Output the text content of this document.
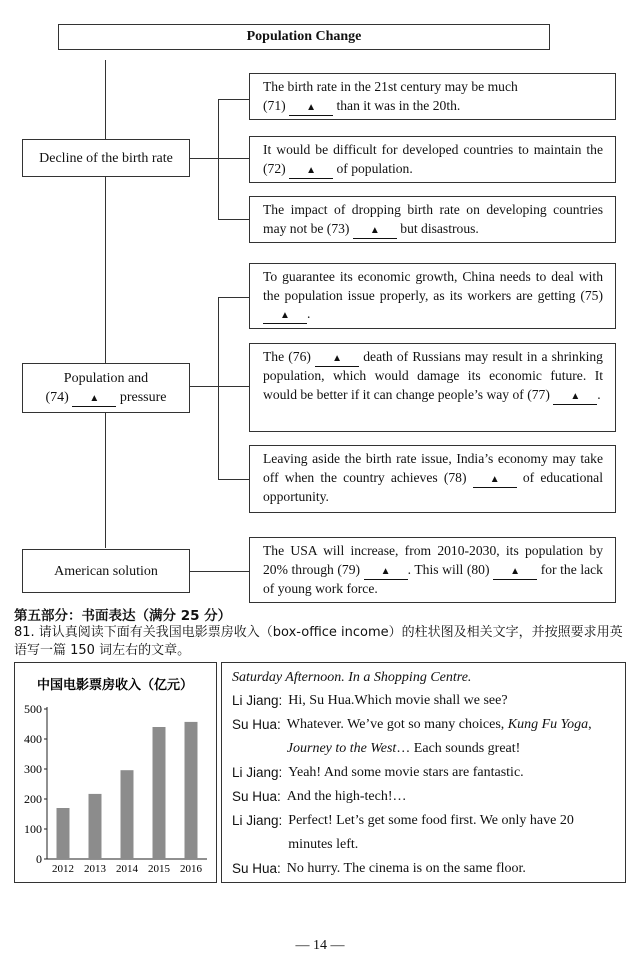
Population Change
Decline of the birth rate
Population and
(74) ▲ pressure
American solution
The birth rate in the 21st century may be much
(71) ▲ than it was in the 20th.
It would be difficult for developed countries to maintain the (72) ▲ of population.
The impact of dropping birth rate on developing countries may not be (73) ▲ but disastrous.
To guarantee its economic growth, China needs to deal with the population issue properly, as its workers are getting (75) ▲ .
The (76) ▲ death of Russians may result in a shrinking population, which would damage its economic future. It would be better if it can change people’s way of (77) ▲ .
Leaving aside the birth rate issue, India’s economy may take off when the country achieves (78) ▲ of educational opportunity.
The USA will increase, from 2010-2030, its population by 20% through (79) ▲ . This will (80) ▲ for the lack of young work force.
第五部分：书面表达（满分 25 分）
81. 请认真阅读下面有关我国电影票房收入（box-office income）的柱状图及相关文字，并按照要求用英语写一篇 150 词左右的文章。
中国电影票房收入（亿元）
0
100
200
300
400
500
2012 2013 2014 2015 2016
Saturday Afternoon. In a Shopping Centre.
Li Jiang: Hi, Su Hua.Which movie shall we see?
Su Hua: Whatever. We’ve got so many choices, Kung Fu Yoga,
Journey to the West… Each sounds great!
Li Jiang: Yeah! And some movie stars are fantastic.
Su Hua: And the high-tech!…
Li Jiang: Perfect! Let’s get some food first. We only have 20 minutes left.
Su Hua: No hurry. The cinema is on the same floor.
— 14 —
